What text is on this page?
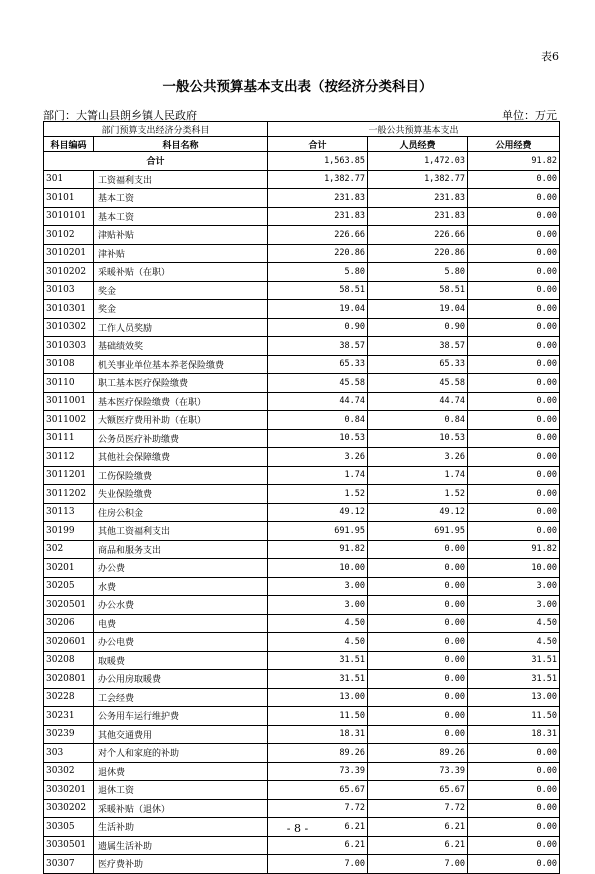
表6
一般公共预算基本支出表（按经济分类科目）
部门：大箐山县朗乡镇人民政府	单位：万元
部门预算支出经济分类科目		一般公共预算基本支出		
科目编码	科目名称	合计	人员经费	公用经费
合计		1,563.85	1,472.03	91.82
301	工资福利支出	1,382.77	1,382.77	0.00
30101	基本工资	231.83	231.83	0.00
3010101	基本工资	231.83	231.83	0.00
30102	津贴补贴	226.66	226.66	0.00
3010201	津补贴	220.86	220.86	0.00
3010202	采暖补贴（在职）	5.80	5.80	0.00
30103	奖金	58.51	58.51	0.00
3010301	奖金	19.04	19.04	0.00
3010302	工作人员奖励	0.90	0.90	0.00
3010303	基础绩效奖	38.57	38.57	0.00
30108	机关事业单位基本养老保险缴费	65.33	65.33	0.00
30110	职工基本医疗保险缴费	45.58	45.58	0.00
3011001	基本医疗保险缴费（在职）	44.74	44.74	0.00
3011002	大额医疗费用补助（在职）	0.84	0.84	0.00
30111	公务员医疗补助缴费	10.53	10.53	0.00
30112	其他社会保障缴费	3.26	3.26	0.00
3011201	工伤保险缴费	1.74	1.74	0.00
3011202	失业保险缴费	1.52	1.52	0.00
30113	住房公积金	49.12	49.12	0.00
30199	其他工资福利支出	691.95	691.95	0.00
302	商品和服务支出	91.82	0.00	91.82
30201	办公费	10.00	0.00	10.00
30205	水费	3.00	0.00	3.00
3020501	办公水费	3.00	0.00	3.00
30206	电费	4.50	0.00	4.50
3020601	办公电费	4.50	0.00	4.50
30208	取暖费	31.51	0.00	31.51
3020801	办公用房取暖费	31.51	0.00	31.51
30228	工会经费	13.00	0.00	13.00
30231	公务用车运行维护费	11.50	0.00	11.50
30239	其他交通费用	18.31	0.00	18.31
303	对个人和家庭的补助	89.26	89.26	0.00
30302	退休费	73.39	73.39	0.00
3030201	退休工资	65.67	65.67	0.00
3030202	采暖补贴（退休）	7.72	7.72	0.00
30305	生活补助	6.21	6.21	0.00
3030501	遗属生活补助	6.21	6.21	0.00
30307	医疗费补助	7.00	7.00	0.00
- 8 -
